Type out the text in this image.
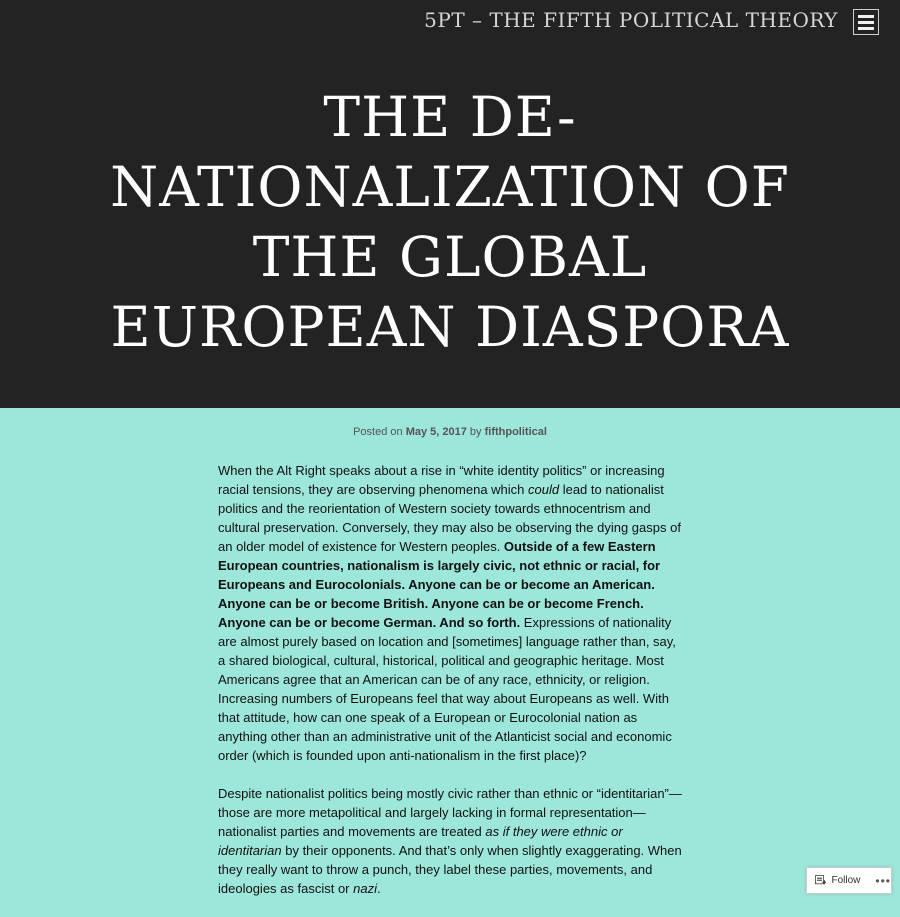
5PT – THE FIFTH POLITICAL THEORY
THE DE-NATIONALIZATION OF THE GLOBAL EUROPEAN DIASPORA
Posted on May 5, 2017 by fifthpolitical

When the Alt Right speaks about a rise in “white identity politics” or increasing racial tensions, they are observing phenomena which could lead to nationalist politics and the reorientation of Western society towards ethnocentrism and cultural preservation. Conversely, they may also be observing the dying gasps of an older model of existence for Western peoples. Outside of a few Eastern European countries, nationalism is largely civic, not ethnic or racial, for Europeans and Eurocolonials. Anyone can be or become an American. Anyone can be or become British. Anyone can be or become French. Anyone can be or become German. And so forth. Expressions of nationality are almost purely based on location and [sometimes] language rather than, say, a shared biological, cultural, historical, political and geographic heritage. Most Americans agree that an American can be of any race, ethnicity, or religion. Increasing numbers of Europeans feel that way about Europeans as well. With that attitude, how can one speak of a European or Eurocolonial nation as anything other than an administrative unit of the Atlanticist social and economic order (which is founded upon anti-nationalism in the first place)?

Despite nationalist politics being mostly civic rather than ethnic or “identitarian”—those are more metapolitical and largely lacking in formal representation—nationalist parties and movements are treated as if they were ethnic or identitarian by their opponents. And that’s only when slightly exaggerating. When they really want to throw a punch, they label these parties, movements, and ideologies as fascist or nazi.

Follow •••
